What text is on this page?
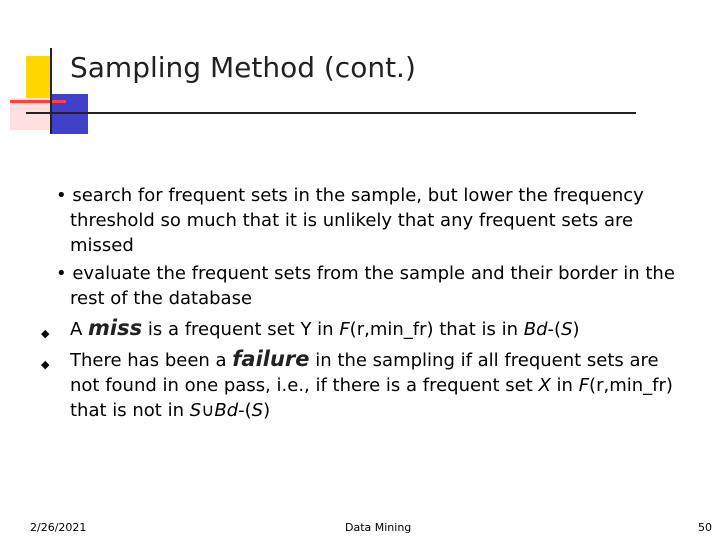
Sampling Method (cont.)
• search for frequent sets in the sample, but lower the frequency threshold so much that it is unlikely that any frequent sets are missed
• evaluate the frequent sets from the sample and their border in the rest of the database
◆	A miss is a frequent set Y in F(r,min_fr) that is in Bd-(S)
◆	There has been a failure in the sampling if all frequent sets are not found in one pass, i.e., if there is a frequent set X in F(r,min_fr) that is not in S∪Bd-(S)
2/26/2021	Data Mining	50
